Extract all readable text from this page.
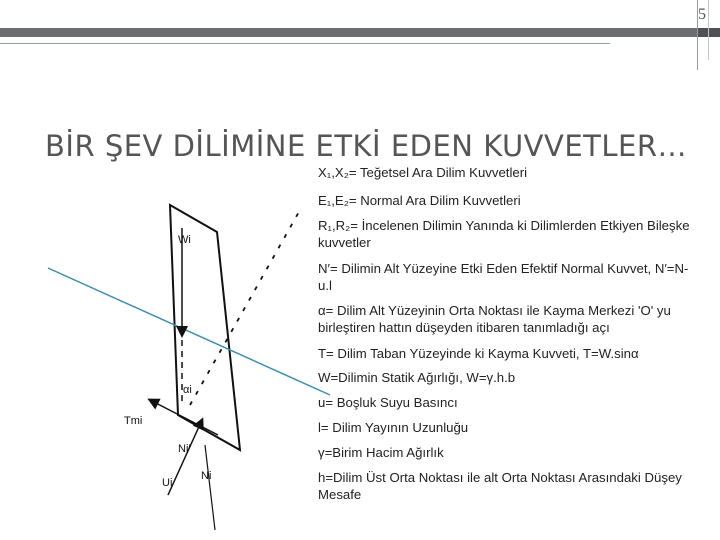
5
BİR ŞEV DİLİMİNE ETKİ EDEN KUVVETLER…
Wi
αi
Tmi
Ni′
Ui
Ni
X₁,X₂= Teğetsel Ara Dilim Kuvvetleri
E₁,E₂= Normal Ara Dilim Kuvvetleri
R₁,R₂= İncelenen Dilimin Yanında ki Dilimlerden Etkiyen Bileşke kuvvetler
N′= Dilimin Alt Yüzeyine Etki Eden Efektif Normal Kuvvet, N′=N-u.l
α= Dilim Alt Yüzeyinin Orta Noktası ile Kayma Merkezi 'O' yu birleştiren hattın düşeyden itibaren tanımladığı açı
T= Dilim Taban Yüzeyinde ki Kayma Kuvveti, T=W.sinα
W=Dilimin Statik Ağırlığı, W=γ.h.b
u= Boşluk Suyu Basıncı
l= Dilim Yayının Uzunluğu
γ=Birim Hacim Ağırlık
h=Dilim Üst Orta Noktası ile alt Orta Noktası Arasındaki Düşey Mesafe
